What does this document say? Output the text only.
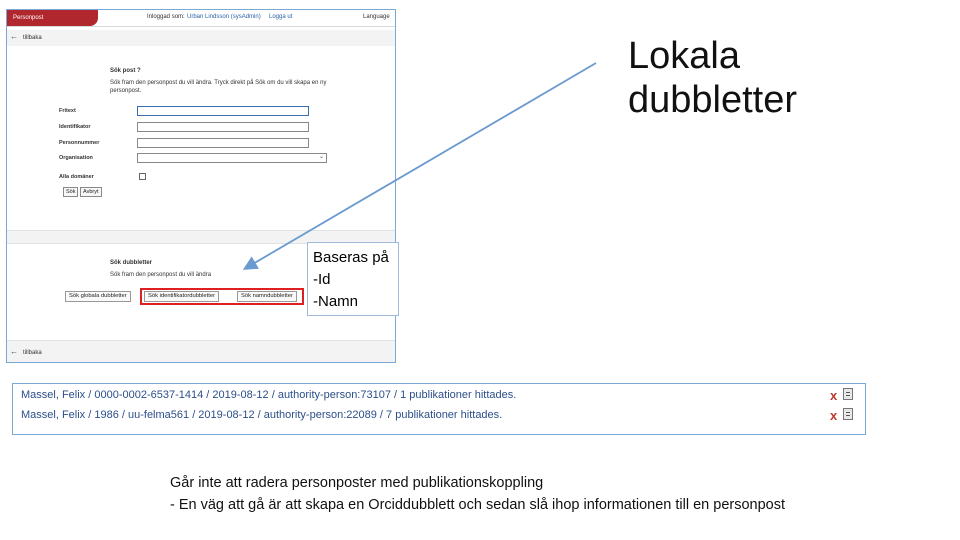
Personpost	Inloggad som: Urban Lindsson (sysAdmin) Logga ut	Language
← tillbaka
Sök post ?
Sök fram den personpost du vill ändra. Tryck direkt på Sök om du vill skapa en ny
personpost.
Fritext
Identifikator
Personnummer
Organisation	⌄
Alla domäner
Sök	Avbryt
Sök dubbletter
Sök fram den personpost du vill ändra
Sök globala dubbletter	Sök identifikatordubbletter	Sök namndubbletter
← tillbaka
Lokala
dubbletter
Baseras på
-Id
-Namn
Massel, Felix / 0000-0002-6537-1414 / 2019-08-12 / authority-person:73107 / 1 publikationer hittades.	x
Massel, Felix / 1986 / uu-felma561 / 2019-08-12 / authority-person:22089 / 7 publikationer hittades.	x
Går inte att radera personposter med publikationskoppling
- En väg att gå är att skapa en Orciddubblett och sedan slå ihop informationen till en personpost
